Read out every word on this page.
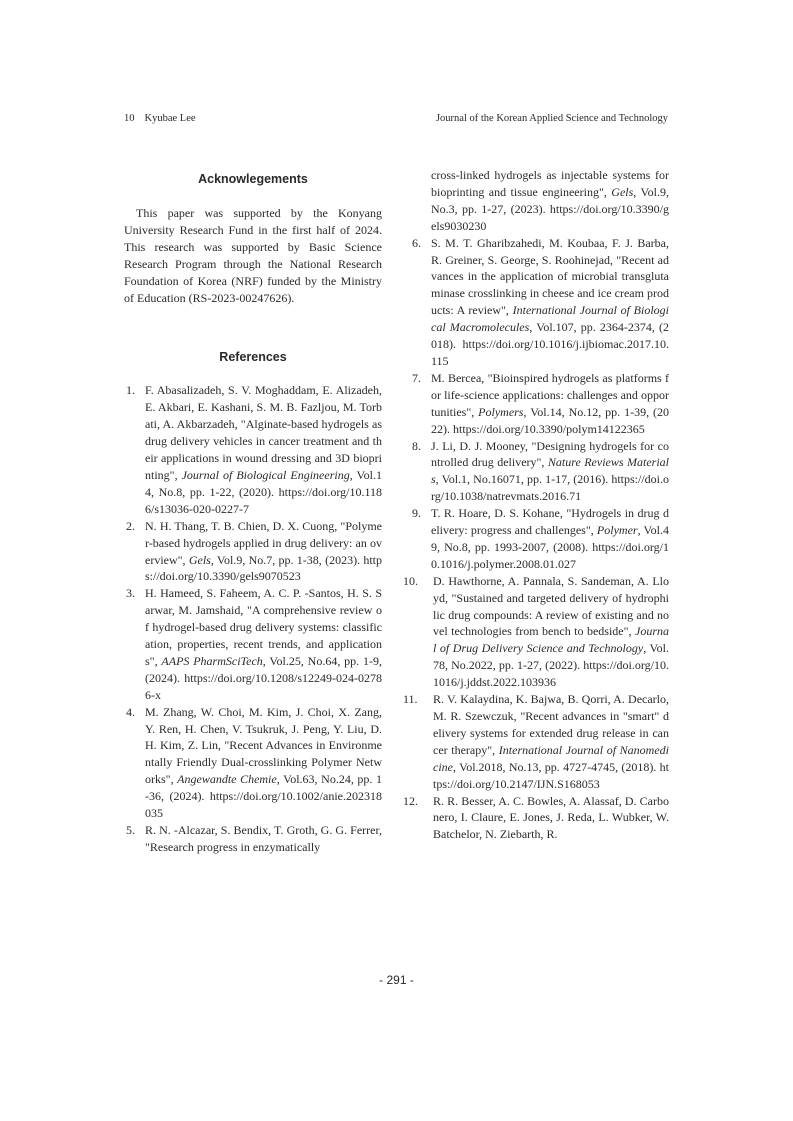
10 Kyubae Lee	Journal of the Korean Applied Science and Technology
Acknowlegements

This paper was supported by the Konyang University Research Fund in the first half of 2024. This research was supported by Basic Science Research Program through the National Research Foundation of Korea (NRF) funded by the Ministry of Education (RS-2023-00247626).

References
1. F. Abasalizadeh, S. V. Moghaddam, E. Alizadeh, E. Akbari, E. Kashani, S. M. B. Fazljou, M. Torbati, A. Akbarzadeh, "Alginate-based hydrogels as drug delivery vehicles in cancer treatment and their applications in wound dressing and 3D bioprinting", Journal of Biological Engineering, Vol.14, No.8, pp. 1-22, (2020). https://doi.org/10.1186/s13036-020-0227-7
2. N. H. Thang, T. B. Chien, D. X. Cuong, "Polymer-based hydrogels applied in drug delivery: an overview", Gels, Vol.9, No.7, pp. 1-38, (2023). https://doi.org/10.3390/gels9070523
3. H. Hameed, S. Faheem, A. C. P. -Santos, H. S. Sarwar, M. Jamshaid, "A comprehensive review of hydrogel-based drug delivery systems: classification, properties, recent trends, and applications", AAPS PharmSciTech, Vol.25, No.64, pp. 1-9, (2024). https://doi.org/10.1208/s12249-024-02786-x
4. M. Zhang, W. Choi, M. Kim, J. Choi, X. Zang, Y. Ren, H. Chen, V. Tsukruk, J. Peng, Y. Liu, D. H. Kim, Z. Lin, "Recent Advances in Environmentally Friendly Dual-crosslinking Polymer Networks", Angewandte Chemie, Vol.63, No.24, pp. 1-36, (2024). https://doi.org/10.1002/anie.202318035
5. R. N. -Alcazar, S. Bendix, T. Groth, G. G. Ferrer, "Research progress in enzymatically
cross-linked hydrogels as injectable systems for bioprinting and tissue engineering", Gels, Vol.9, No.3, pp. 1-27, (2023). https://doi.org/10.3390/gels9030230
6. S. M. T. Gharibzahedi, M. Koubaa, F. J. Barba, R. Greiner, S. George, S. Roohinejad, "Recent advances in the application of microbial transglutaminase crosslinking in cheese and ice cream products: A review", International Journal of Biological Macromolecules, Vol.107, pp. 2364-2374, (2018). https://doi.org/10.1016/j.ijbiomac.2017.10.115
7. M. Bercea, "Bioinspired hydrogels as platforms for life-science applications: challenges and opportunities", Polymers, Vol.14, No.12, pp. 1-39, (2022). https://doi.org/10.3390/polym14122365
8. J. Li, D. J. Mooney, "Designing hydrogels for controlled drug delivery", Nature Reviews Materials, Vol.1, No.16071, pp. 1-17, (2016). https://doi.org/10.1038/natrevmats.2016.71
9. T. R. Hoare, D. S. Kohane, "Hydrogels in drug delivery: progress and challenges", Polymer, Vol.49, No.8, pp. 1993-2007, (2008). https://doi.org/10.1016/j.polymer.2008.01.027
10. D. Hawthorne, A. Pannala, S. Sandeman, A. Lloyd, "Sustained and targeted delivery of hydrophilic drug compounds: A review of existing and novel technologies from bench to bedside", Journal of Drug Delivery Science and Technology, Vol.78, No.2022, pp. 1-27, (2022). https://doi.org/10.1016/j.jddst.2022.103936
11. R. V. Kalaydina, K. Bajwa, B. Qorri, A. Decarlo, M. R. Szewczuk, "Recent advances in "smart" delivery systems for extended drug release in cancer therapy", International Journal of Nanomedicine, Vol.2018, No.13, pp. 4727-4745, (2018). https://doi.org/10.2147/IJN.S168053
12. R. R. Besser, A. C. Bowles, A. Alassaf, D. Carbonero, I. Claure, E. Jones, J. Reda, L. Wubker, W. Batchelor, N. Ziebarth, R.
- 291 -
